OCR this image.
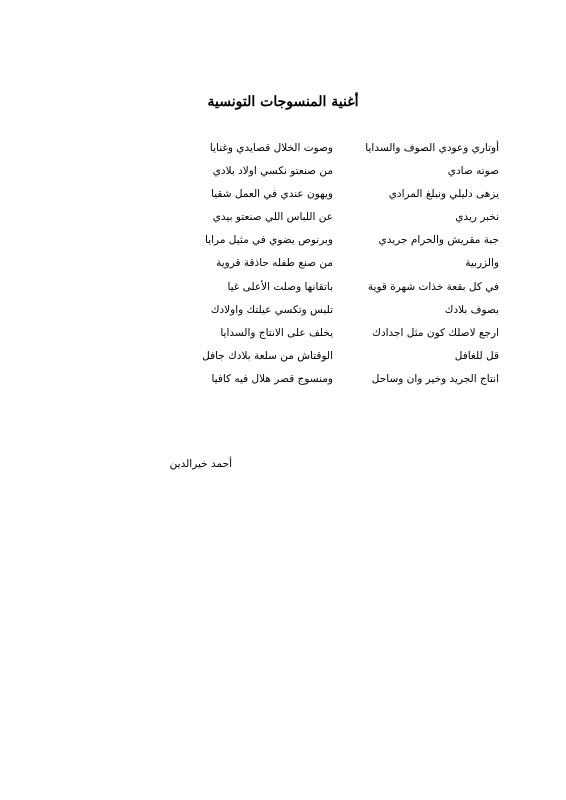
أغنية المنسوجات التونسية
أوتاري وعودي الصوف والسدايا
وصوت الخلال قصايدي وغنايا
صوته صادي
من صنعتو نكسي اولاد بلادي
يزهى دليلي ونبلغ المرادي
ويهون عندي في العمل شقيا
نخبر ريدي
عن اللباس اللي صنعتو بيدي
جبة مقريش والحرام جريدي
وبرنوص يضوي في مثيل مرايا
والزربية
من صنع طفله حاذقة قروية
في كل بقعة خذات شهرة قوية
باتقانها وصلت الأعلى غيا
بصوف بلادك
تلبس وتكسي عيلتك واولادك
ارجع لاصلك كون مثل اجدادك
يخلف على الانتاج والسدايا
قل للغافل
الوقتاش من سلعة بلادك جافل
انتاج الجريد وخير وان وساحل
ومنسوج قصر هلال فيه كافيا
أحمد خيرالدين
